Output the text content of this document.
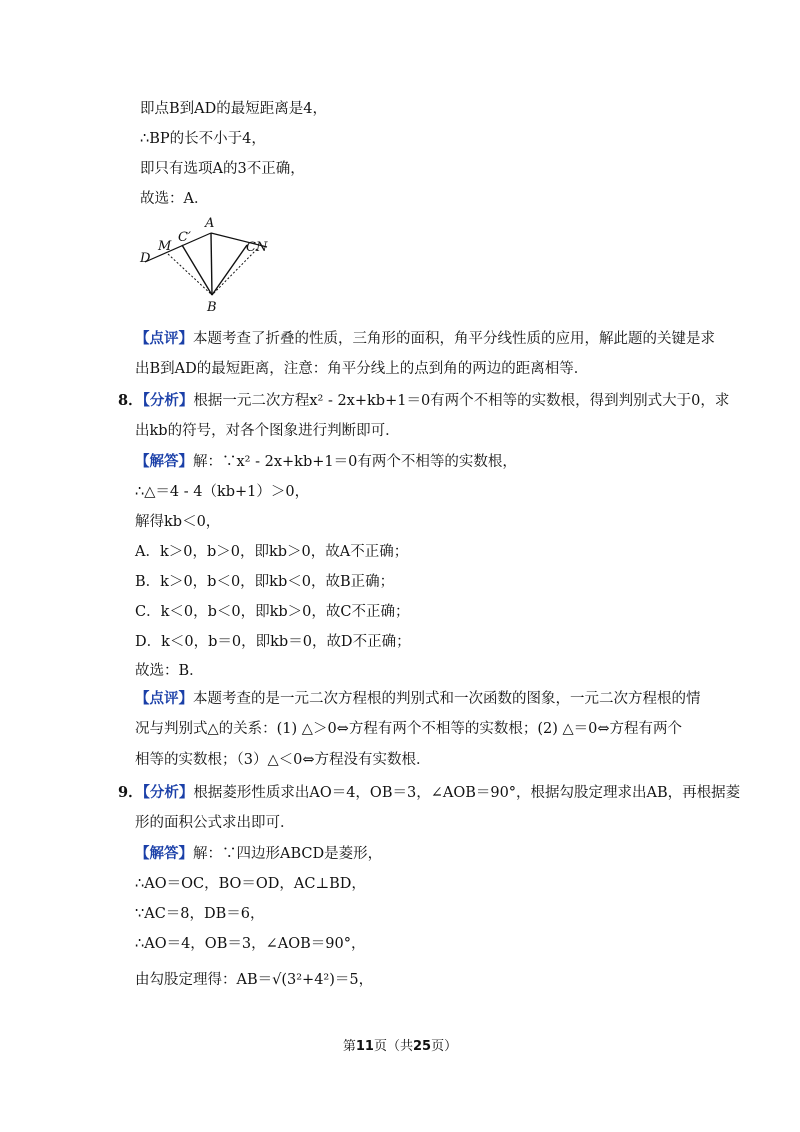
即点B到AD的最短距离是4，
∴BP的长不小于4，
即只有选项A的3不正确，
故选：A．
D
M
C′
A
C N
B
【点评】本题考查了折叠的性质，三角形的面积，角平分线性质的应用，解此题的关键是求
出B到AD的最短距离，注意：角平分线上的点到角的两边的距离相等．
8．【分析】根据一元二次方程x² - 2x+kb+1＝0有两个不相等的实数根，得到判别式大于0，求
出kb的符号，对各个图象进行判断即可．
【解答】解：∵x² - 2x+kb+1＝0有两个不相等的实数根，
∴△＝4 - 4（kb+1）＞0，
解得kb＜0，
A．k＞0，b＞0，即kb＞0，故A不正确；
B．k＞0，b＜0，即kb＜0，故B正确；
C．k＜0，b＜0，即kb＞0，故C不正确；
D．k＜0，b＝0，即kb＝0，故D不正确；
故选：B．
【点评】本题考查的是一元二次方程根的判别式和一次函数的图象，一元二次方程根的情
况与判别式△的关系：(1) △＞0⇔方程有两个不相等的实数根；(2) △＝0⇔方程有两个
相等的实数根；（3）△＜0⇔方程没有实数根．
9．【分析】根据菱形性质求出AO＝4，OB＝3，∠AOB＝90°，根据勾股定理求出AB，再根据菱
形的面积公式求出即可．
【解答】解：∵四边形ABCD是菱形，
∴AO＝OC，BO＝OD，AC⊥BD，
∵AC＝8，DB＝6，
∴AO＝4，OB＝3，∠AOB＝90°，
由勾股定理得：AB＝√(3²+4²)＝5，
第11页（共25页）
